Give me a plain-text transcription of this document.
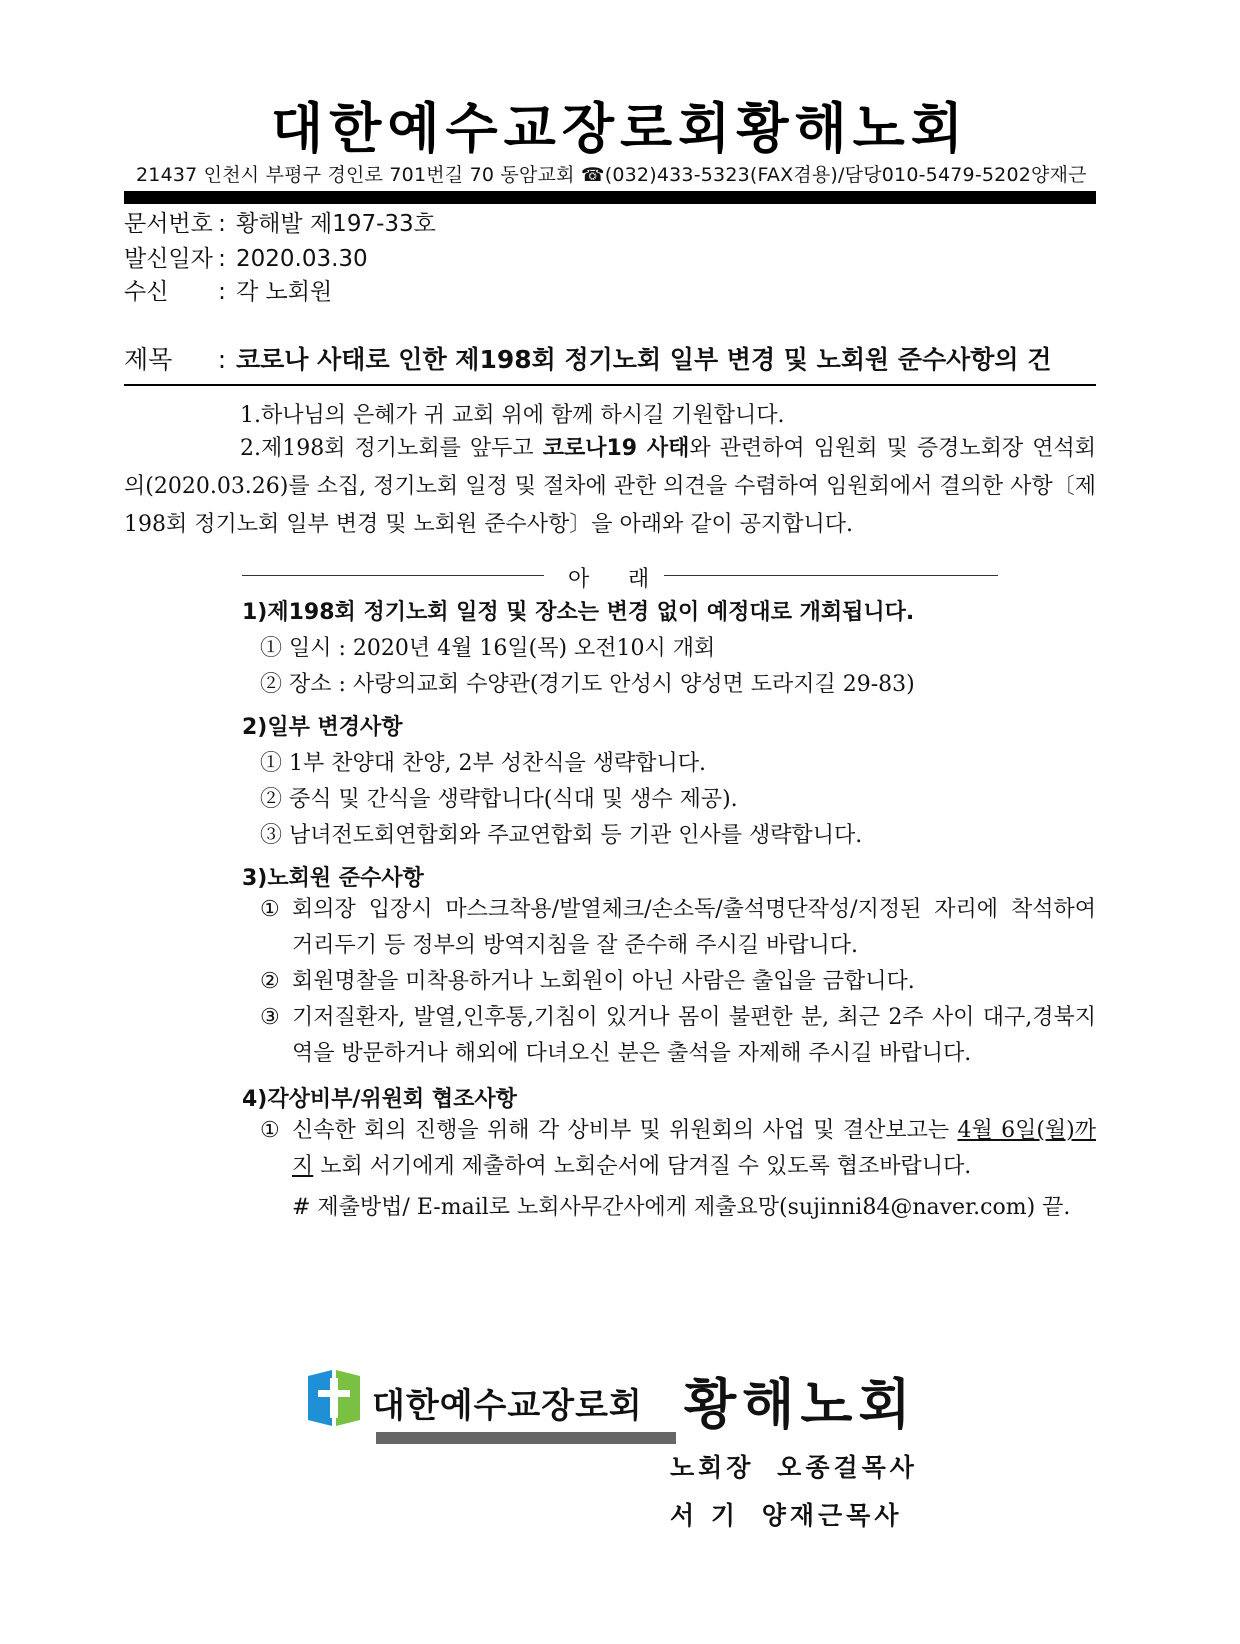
대한예수교장로회황해노회
21437 인천시 부평구 경인로 701번길 70 동암교회 ☎(032)433-5323(FAX겸용)/담당010-5479-5202양재근
문서번호 : 황해발 제197-33호
발신일자 : 2020.03.30
수신 : 각 노회원
제목 : 코로나 사태로 인한 제198회 정기노회 일부 변경 및 노회원 준수사항의 건
1.하나님의 은혜가 귀 교회 위에 함께 하시길 기원합니다.
2.제198회 정기노회를 앞두고 코로나19 사태와 관련하여 임원회 및 증경노회장 연석회의(2020.03.26)를 소집, 정기노회 일정 및 절차에 관한 의견을 수렴하여 임원회에서 결의한 사항〔제198회 정기노회 일부 변경 및 노회원 준수사항〕을 아래와 같이 공지합니다.
아 래
1)제198회 정기노회 일정 및 장소는 변경 없이 예정대로 개회됩니다.
① 일시 : 2020년 4월 16일(목) 오전10시 개회
② 장소 : 사랑의교회 수양관(경기도 안성시 양성면 도라지길 29-83)
2)일부 변경사항
① 1부 찬양대 찬양, 2부 성찬식을 생략합니다.
② 중식 및 간식을 생략합니다(식대 및 생수 제공).
③ 남녀전도회연합회와 주교연합회 등 기관 인사를 생략합니다.
3)노회원 준수사항
① 회의장 입장시 마스크착용/발열체크/손소독/출석명단작성/지정된 자리에 착석하여 거리두기 등 정부의 방역지침을 잘 준수해 주시길 바랍니다.
② 회원명찰을 미착용하거나 노회원이 아닌 사람은 출입을 금합니다.
③ 기저질환자, 발열,인후통,기침이 있거나 몸이 불편한 분, 최근 2주 사이 대구,경북지역을 방문하거나 해외에 다녀오신 분은 출석을 자제해 주시길 바랍니다.
4)각상비부/위원회 협조사항
① 신속한 회의 진행을 위해 각 상비부 및 위원회의 사업 및 결산보고는 4월 6일(월)까지 노회 서기에게 제출하여 노회순서에 담겨질 수 있도록 협조바랍니다.
# 제출방법/ E-mail로 노회사무간사에게 제출요망(sujinni84@naver.com) 끝.
대한예수교장로회 황해노회
노회장 오종걸목사
서 기 양재근목사
